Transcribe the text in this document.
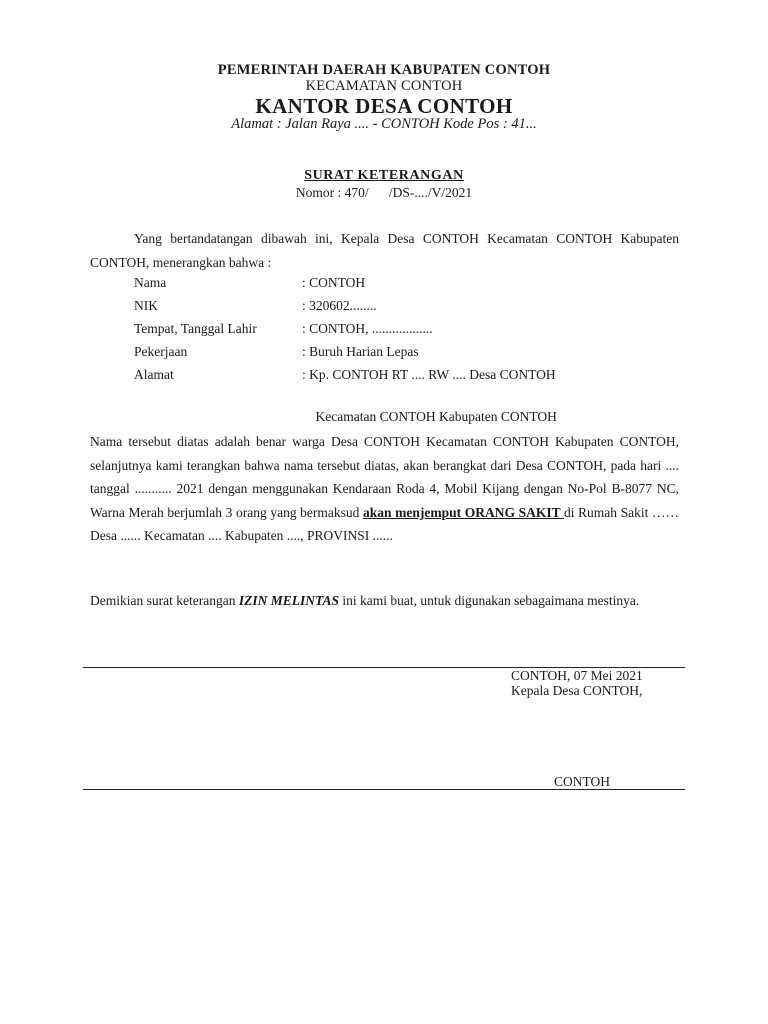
PEMERINTAH DAERAH KABUPATEN CONTOH
KECAMATAN CONTOH
KANTOR DESA CONTOH
Alamat : Jalan Raya .... - CONTOH Kode Pos : 41...
SURAT KETERANGAN
Nomor : 470/      /DS-..../V/2021
Yang bertandatangan dibawah ini, Kepala Desa CONTOH Kecamatan CONTOH Kabupaten CONTOH, menerangkan bahwa :
Nama	: CONTOH
NIK	: 320602........
Tempat, Tanggal Lahir	: CONTOH, ..................
Pekerjaan	: Buruh Harian Lepas
Alamat	: Kp. CONTOH RT .... RW .... Desa CONTOH

Kecamatan CONTOH Kabupaten CONTOH

Nama tersebut diatas adalah benar warga Desa CONTOH Kecamatan CONTOH Kabupaten CONTOH, selanjutnya kami terangkan bahwa nama tersebut diatas, akan berangkat dari Desa CONTOH, pada hari .... tanggal ........... 2021 dengan menggunakan Kendaraan Roda 4, Mobil Kijang dengan No-Pol B-8077 NC, Warna Merah berjumlah 3 orang yang bermaksud akan menjemput ORANG SAKIT di Rumah Sakit …… Desa ...... Kecamatan .... Kabupaten ...., PROVINSI ......
Demikian surat keterangan IZIN MELINTAS ini kami buat, untuk digunakan sebagaimana mestinya.
CONTOH, 07 Mei 2021
Kepala Desa CONTOH,
CONTOH
